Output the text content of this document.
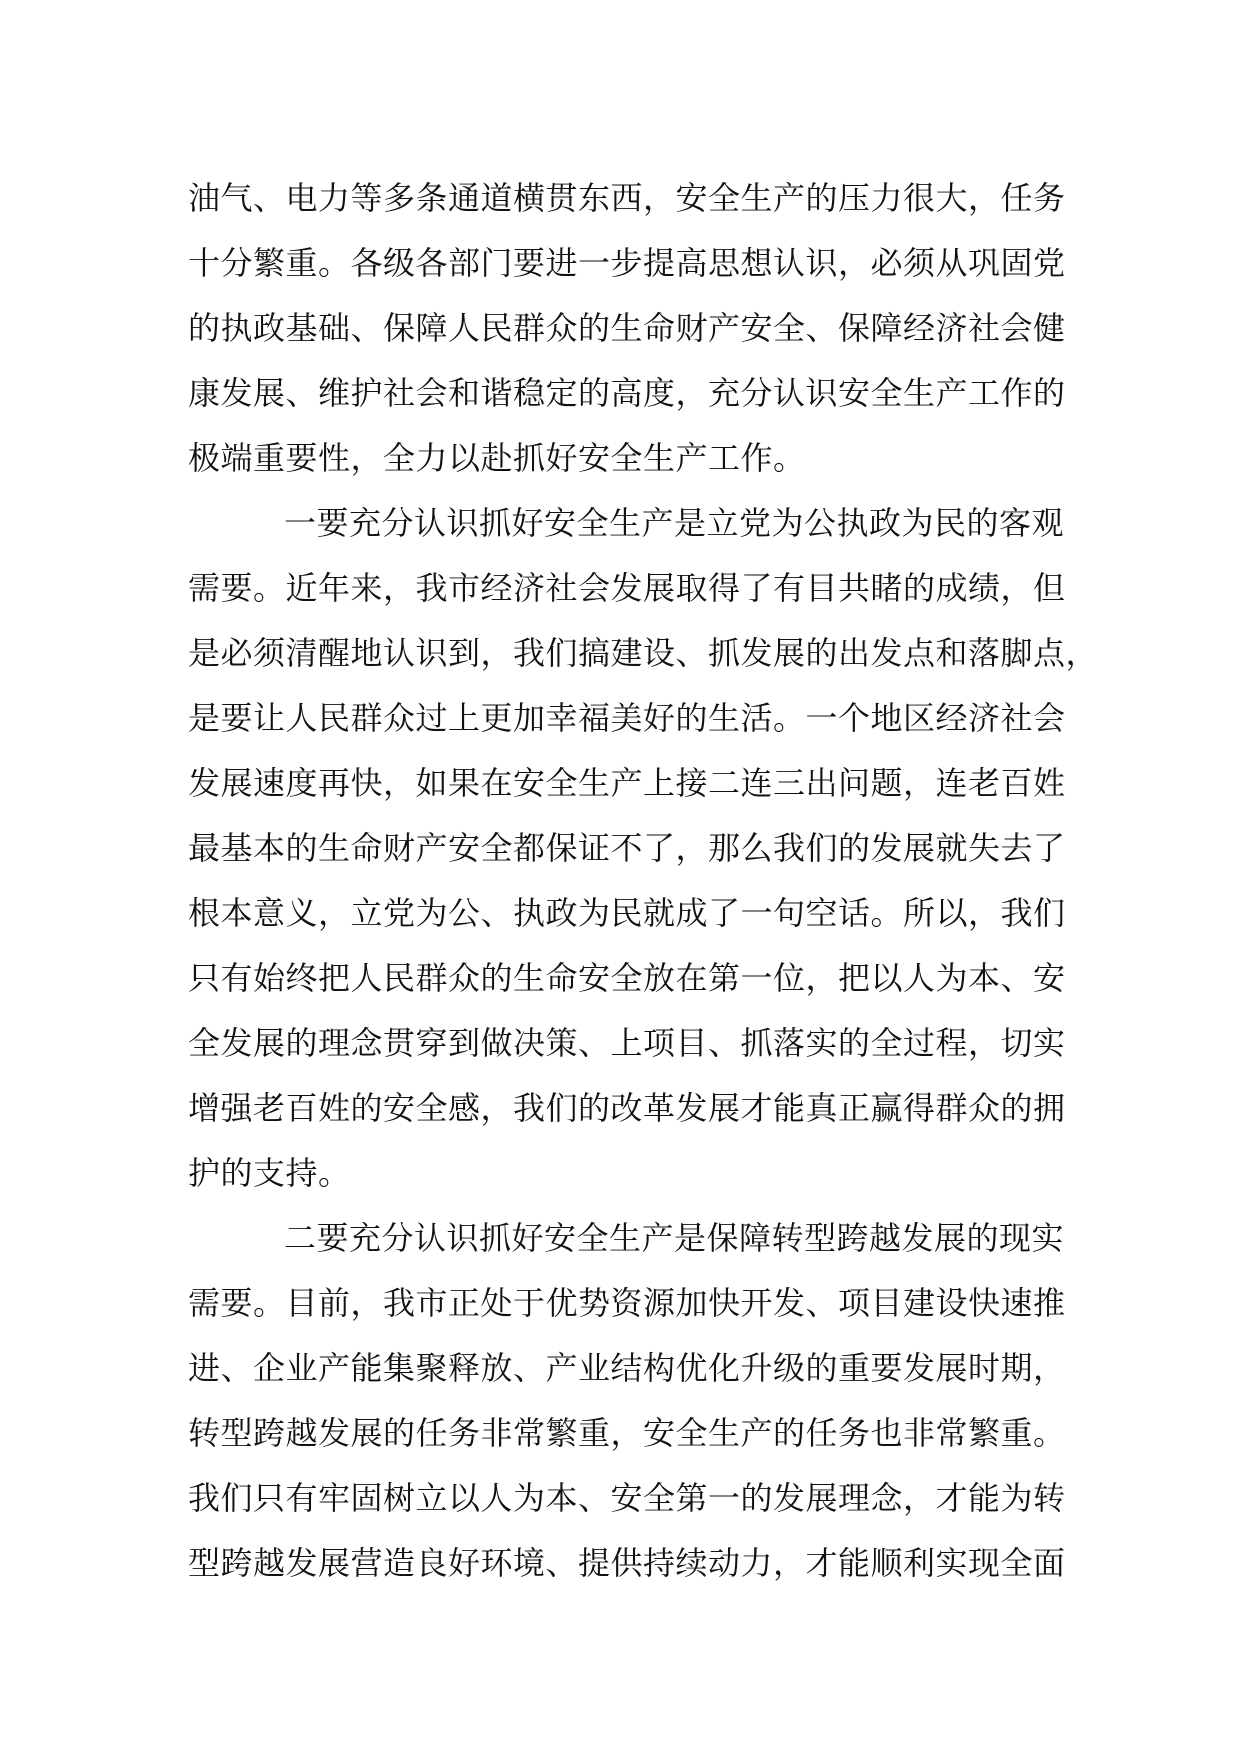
油气、电力等多条通道横贯东西，安全生产的压力很大，任务
十分繁重。各级各部门要进一步提高思想认识，必须从巩固党
的执政基础、保障人民群众的生命财产安全、保障经济社会健
康发展、维护社会和谐稳定的高度，充分认识安全生产工作的
极端重要性，全力以赴抓好安全生产工作。
一要充分认识抓好安全生产是立党为公执政为民的客观
需要。近年来，我市经济社会发展取得了有目共睹的成绩，但
是必须清醒地认识到，我们搞建设、抓发展的出发点和落脚点，
是要让人民群众过上更加幸福美好的生活。一个地区经济社会
发展速度再快，如果在安全生产上接二连三出问题，连老百姓
最基本的生命财产安全都保证不了，那么我们的发展就失去了
根本意义，立党为公、执政为民就成了一句空话。所以，我们
只有始终把人民群众的生命安全放在第一位，把以人为本、安
全发展的理念贯穿到做决策、上项目、抓落实的全过程，切实
增强老百姓的安全感，我们的改革发展才能真正赢得群众的拥
护的支持。
二要充分认识抓好安全生产是保障转型跨越发展的现实
需要。目前，我市正处于优势资源加快开发、项目建设快速推
进、企业产能集聚释放、产业结构优化升级的重要发展时期，
转型跨越发展的任务非常繁重，安全生产的任务也非常繁重。
我们只有牢固树立以人为本、安全第一的发展理念，才能为转
型跨越发展营造良好环境、提供持续动力，才能顺利实现全面
